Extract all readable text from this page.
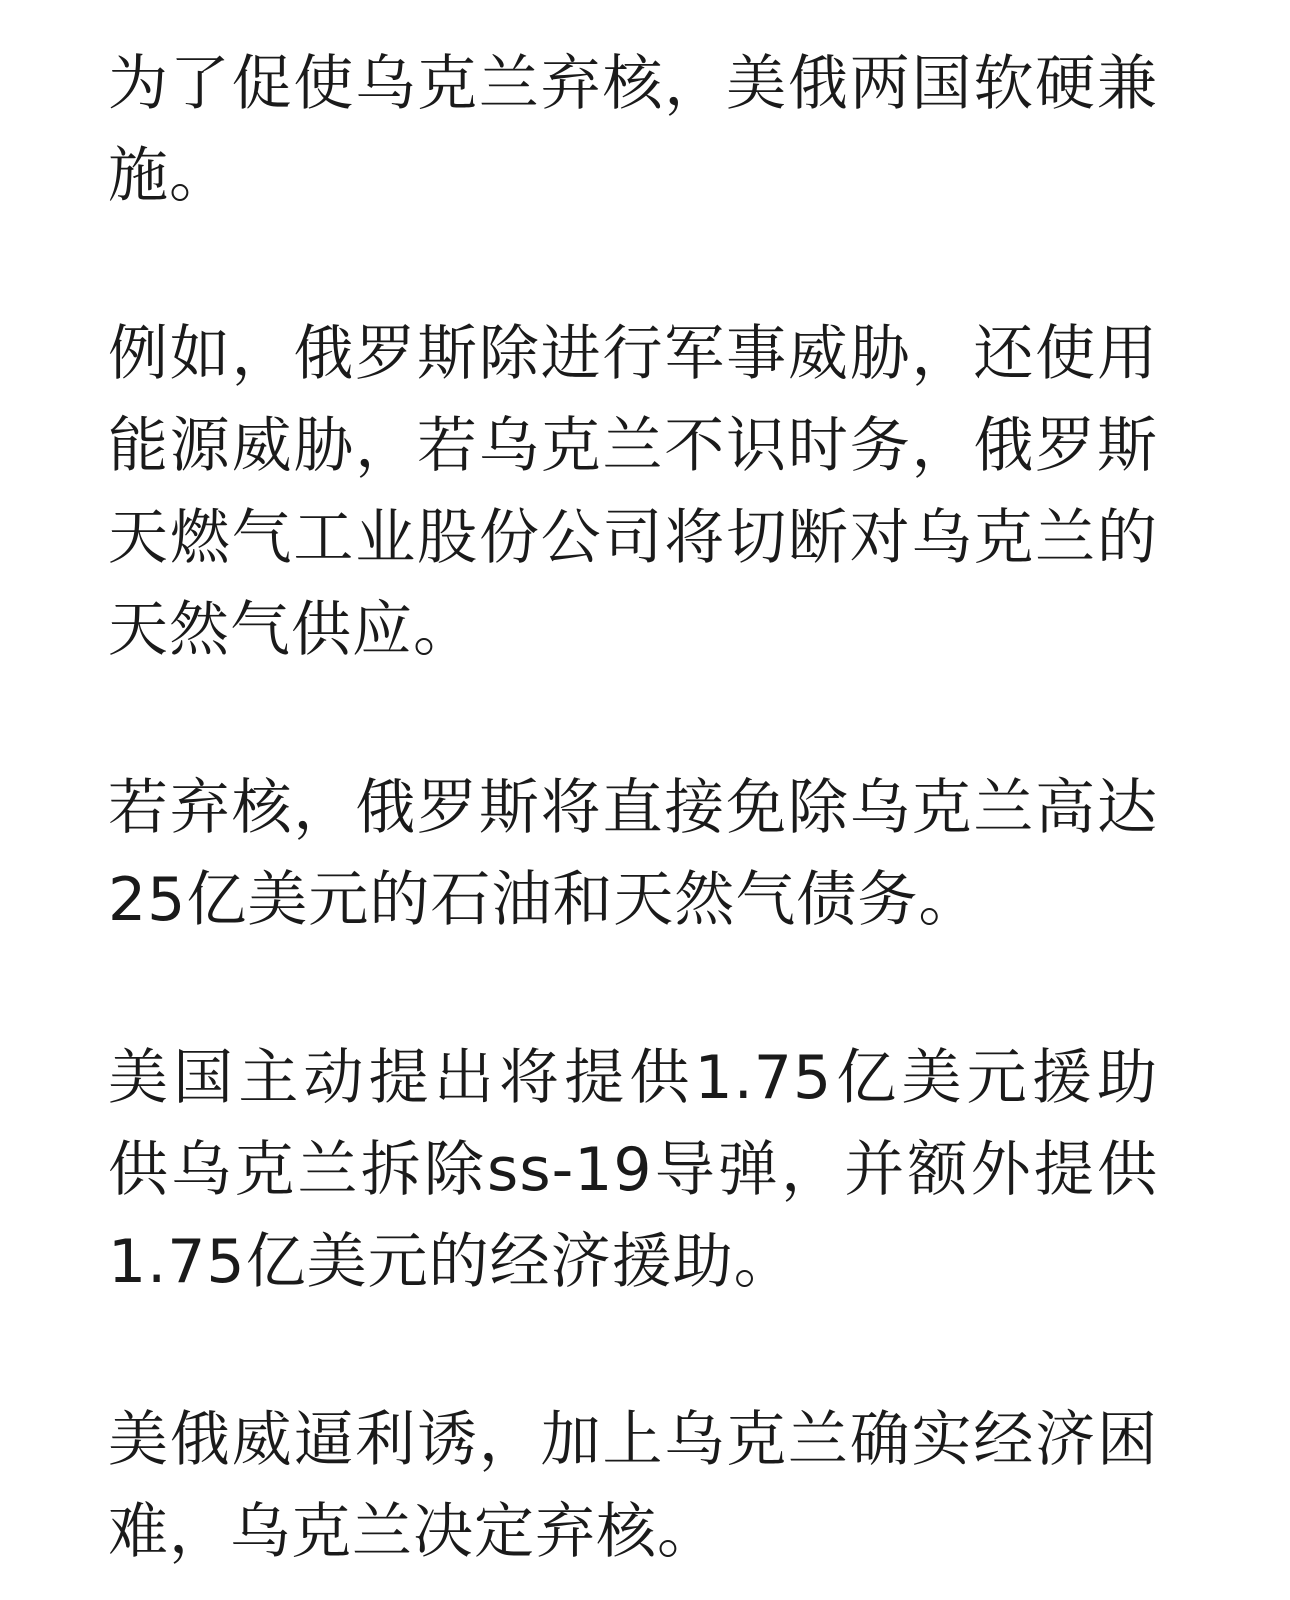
为了促使乌克兰弃核，美俄两国软硬兼施。

例如，俄罗斯除进行军事威胁，还使用能源威胁，若乌克兰不识时务，俄罗斯天燃气工业股份公司将切断对乌克兰的天然气供应。

若弃核，俄罗斯将直接免除乌克兰高达25亿美元的石油和天然气债务。

美国主动提出将提供1.75亿美元援助供乌克兰拆除ss-19导弹，并额外提供1.75亿美元的经济援助。

美俄威逼利诱，加上乌克兰确实经济困难，乌克兰决定弃核。
